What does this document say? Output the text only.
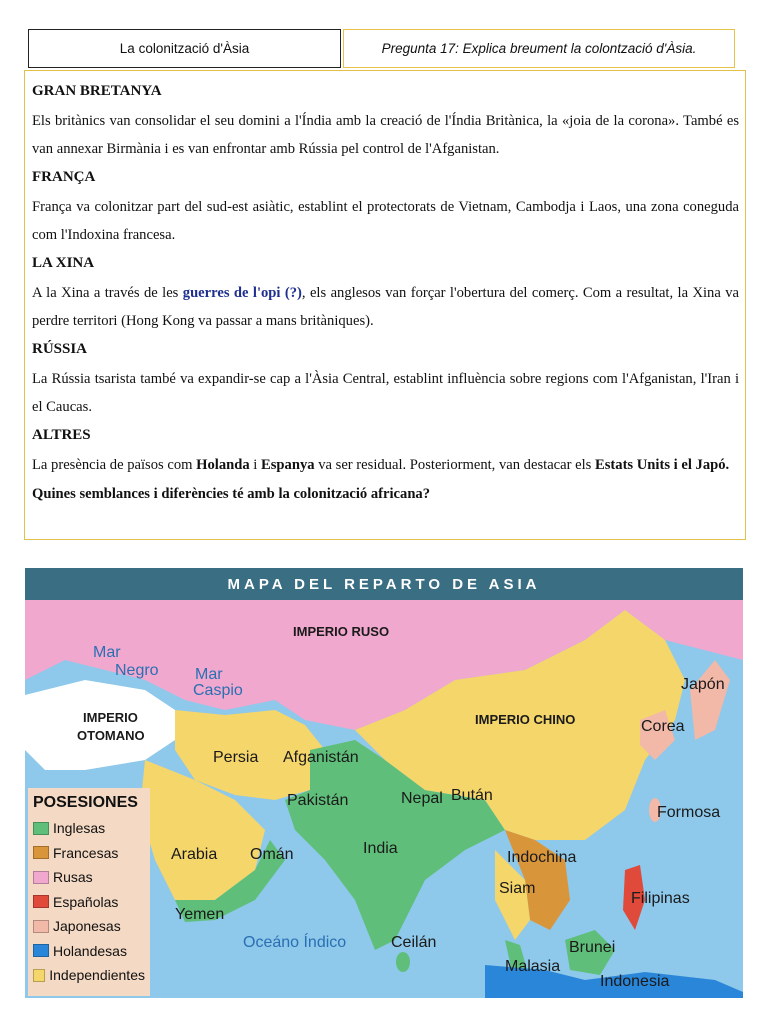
La colonització d'Àsia	Pregunta 17: Explica breument la colontzació d'Àsia.
GRAN BRETANYA

Els britànics van consolidar el seu domini a l'Índia amb la creació de l'Índia Britànica, la «joia de la corona». També es van annexar Birmània i es van enfrontar amb Rússia pel control de l'Afganistan.

FRANÇA

França va colonitzar part del sud-est asiàtic, establint el protectorats de Vietnam, Cambodja i Laos, una zona coneguda com l'Indoxina francesa.

LA XINA

A la Xina a través de les guerres de l'opi (?), els anglesos van forçar l'obertura del comerç. Com a resultat, la Xina va perdre territori (Hong Kong va passar a mans britàniques).

RÚSSIA

La Rússia tsarista també va expandir-se cap a l'Àsia Central, establint influència sobre regions com l'Afganistan, l'Iran i el Caucas.

ALTRES

La presència de països com Holanda i Espanya va ser residual. Posteriorment, van destacar els Estats Units i el Japó.

Quines semblances i diferències té amb la colonització africana?
MAPA DEL REPARTO DE ASIA
IMPERIO RUSO
Mar
Negro Mar
Caspio
IMPERIO
OTOMANO
IMPERIO CHINO
Japón
Corea
Persia Afganistán
Pakistán	Nepal Bután
Formosa
Arabia Omán	India
Indochina
Siam
Filipinas
Yemen
Oceáno Índico	Ceilán	Brunei
Malasia
Indonesia
POSESIONES
Inglesas
Francesas
Rusas
Españolas
Japonesas
Holandesas
Independientes
